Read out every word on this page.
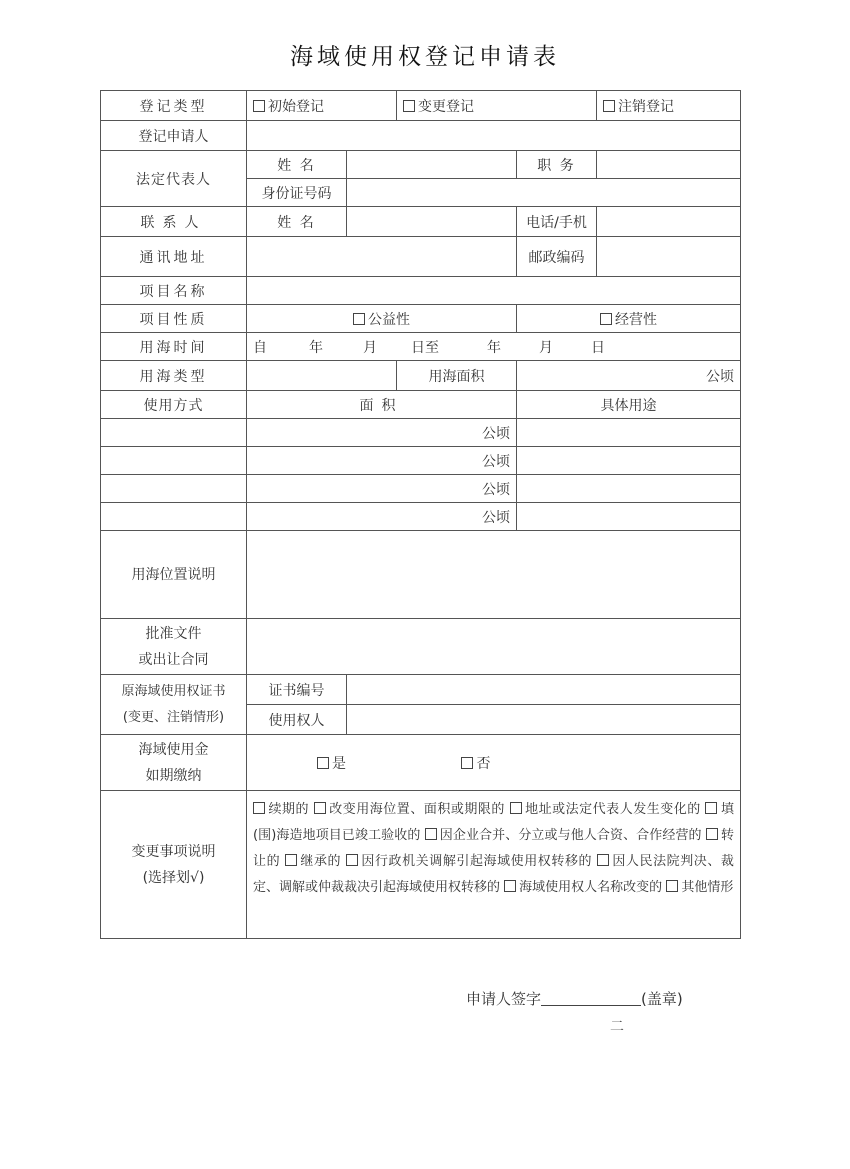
海域使用权登记申请表
登记类型	初始登记		变更登记		注销登记
登记申请人					
法定代表人	姓 名			职 务	
	身份证号码				
联系人	姓 名			电话/手机	
通讯地址				邮政编码	
项目名称					
项目性质	公益性			经营性	
用海时间	自 年 月 日至 年 月 日				
用海类型			用海面积	公顷	
使用方式	面积			具体用途	
	公顷				
	公顷				
	公顷				
	公顷				
用海位置说明					

批准文件
或出让合同					

原海域使用权证书
(变更、注销情形)	证书编号				
	使用权人				

海域使用金
如期缴纳	是 否				

变更事项说明
(选择划√)	续期的 改变用海位置、面积或期限的 地址或法定代表人发生变化的 填(围)海造地项目已竣工验收的 因企业合并、分立或与他人合资、合作经营的 转让的 继承的 因行政机关调解引起海域使用权转移的 因人民法院判决、裁定、调解或仲裁裁决引起海域使用权转移的 海域使用权人名称改变的 其他情形				
申请人签字	(盖章)
二
